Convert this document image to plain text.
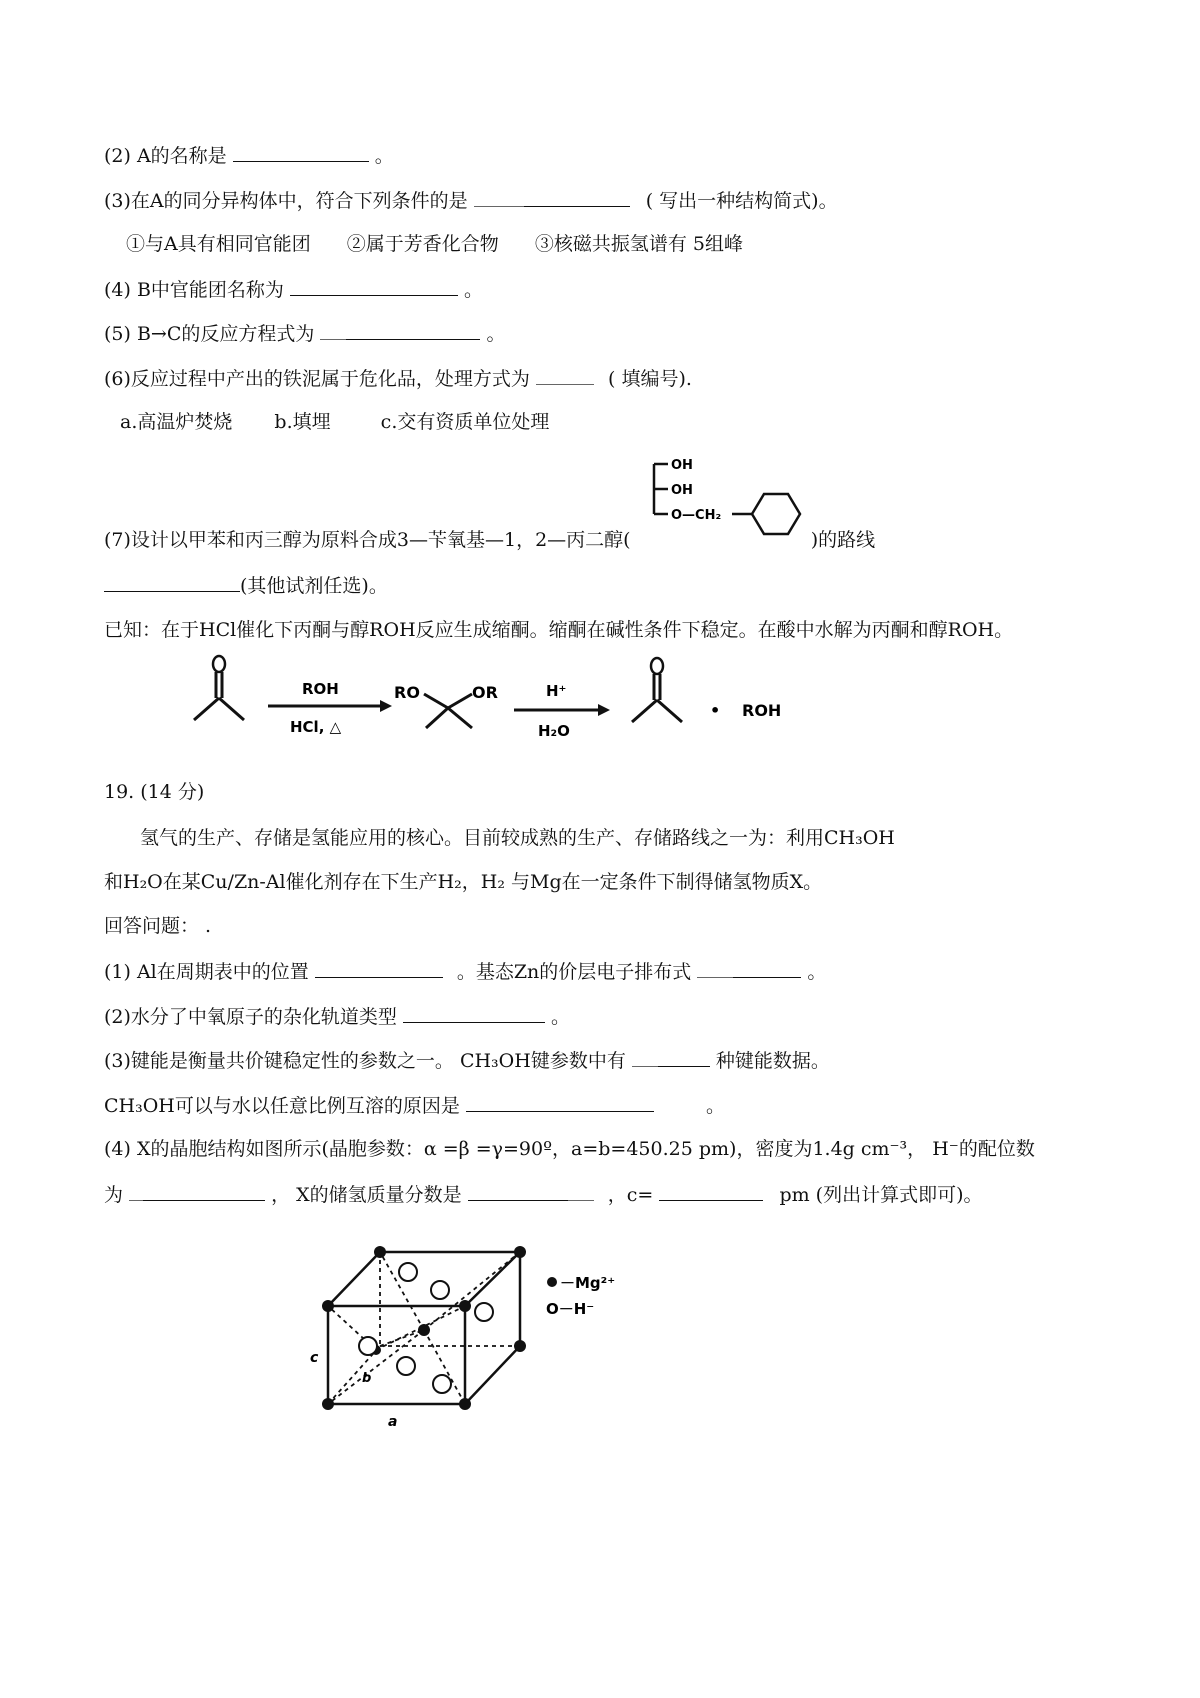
(2) A的名称是	。
(3)在A的同分异构体中，符合下列条件的是	( 写出一种结构简式)。
①与A具有相同官能团 ②属于芳香化合物 ③核磁共振氢谱有 5组峰
(4) B中官能团名称为	。
(5) B→C的反应方程式为	。
(6)反应过程中产出的铁泥属于危化品，处理方式为	( 填编号).
a.高温炉焚烧 b.填埋	c.交有资质单位处理
OH
OH
O—CH₂
(7)设计以甲苯和丙三醇为原料合成3—苄氧基—1，2—丙二醇(	)的路线
(其他试剂任选)。
已知：在于HCl催化下丙酮与醇ROH反应生成缩酮。缩酮在碱性条件下稳定。在酸中水解为丙酮和醇ROH。
ROH
HCl, △
RO	OR	H⁺
H₂O
• ROH
19. (14 分)
氢气的生产、存储是氢能应用的核心。目前较成熟的生产、存储路线之一为：利用CH₃OH
和H₂O在某Cu/Zn-Al催化剂存在下生产H₂，H₂ 与Mg在一定条件下制得储氢物质X。
回答问题： .
(1) Al在周期表中的位置	。基态Zn的价层电子排布式	。
(2)水分了中氧原子的杂化轨道类型	。
(3)键能是衡量共价键稳定性的参数之一。 CH₃OH键参数中有	种键能数据。
CH₃OH可以与水以任意比例互溶的原因是	。
(4) X的晶胞结构如图所示(晶胞参数：α =β =γ=90º，a=b=450.25 pm)，密度为1.4g cm⁻³， H⁻的配位数
为	， X的储氢质量分数是	，c=	pm (列出计算式即可)。
－Mg²⁺
O－H⁻
c
b
a
